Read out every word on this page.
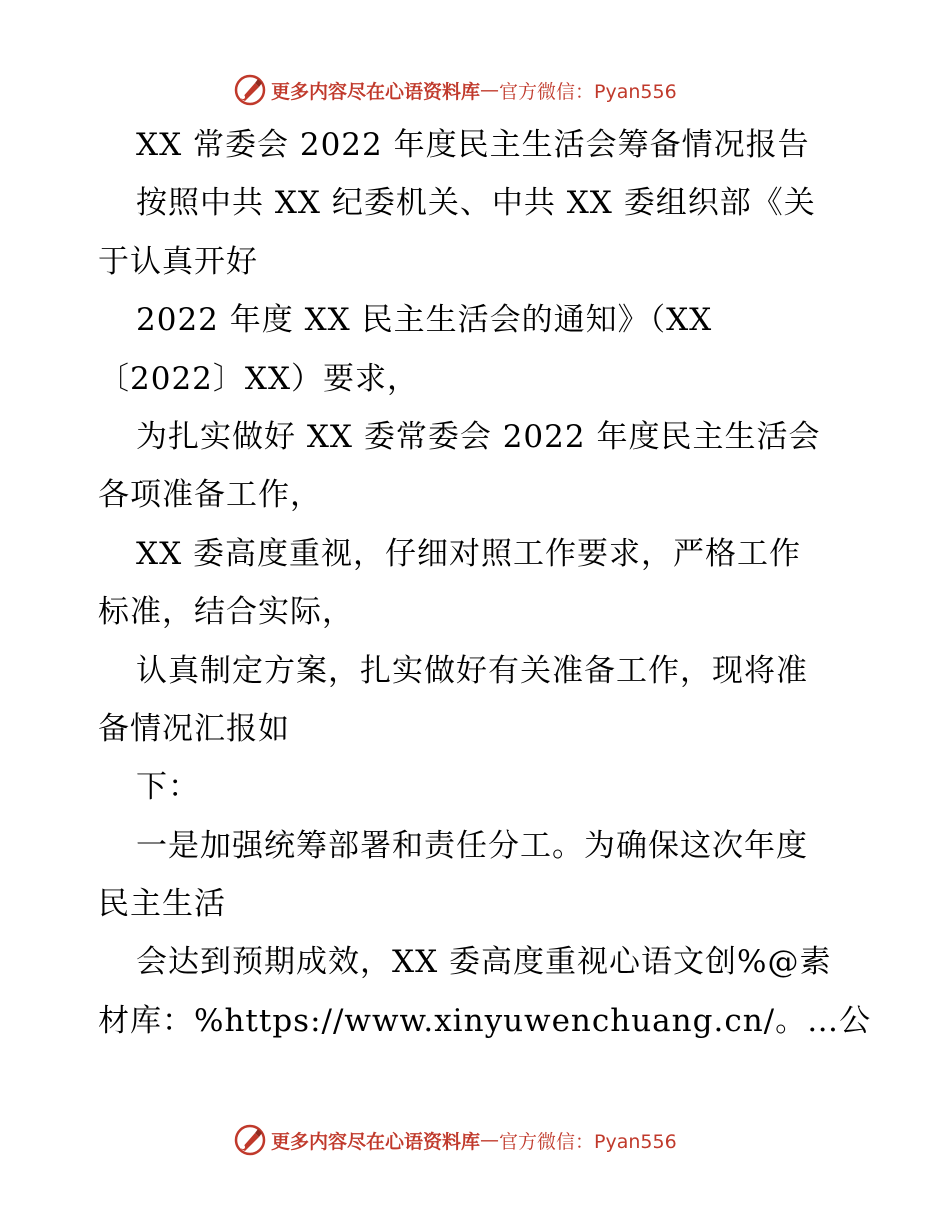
更多内容尽在心语资料库 — 官方微信：Pyan556
XX 常委会 2022 年度民主生活会筹备情况报告
按照中共 XX 纪委机关、中共 XX 委组织部《关
于认真开好
2022 年度 XX 民主生活会的通知》（XX
〔2022〕XX）要求，
为扎实做好 XX 委常委会 2022 年度民主生活会
各项准备工作，
XX 委高度重视，仔细对照工作要求，严格工作
标准，结合实际，
认真制定方案，扎实做好有关准备工作，现将准
备情况汇报如
下：
一是加强统筹部署和责任分工。为确保这次年度
民主生活
会达到预期成效，XX 委高度重视心语文创%@素
材库：%https://www.xinyuwenchuang.cn/。…公
更多内容尽在心语资料库 — 官方微信：Pyan556
